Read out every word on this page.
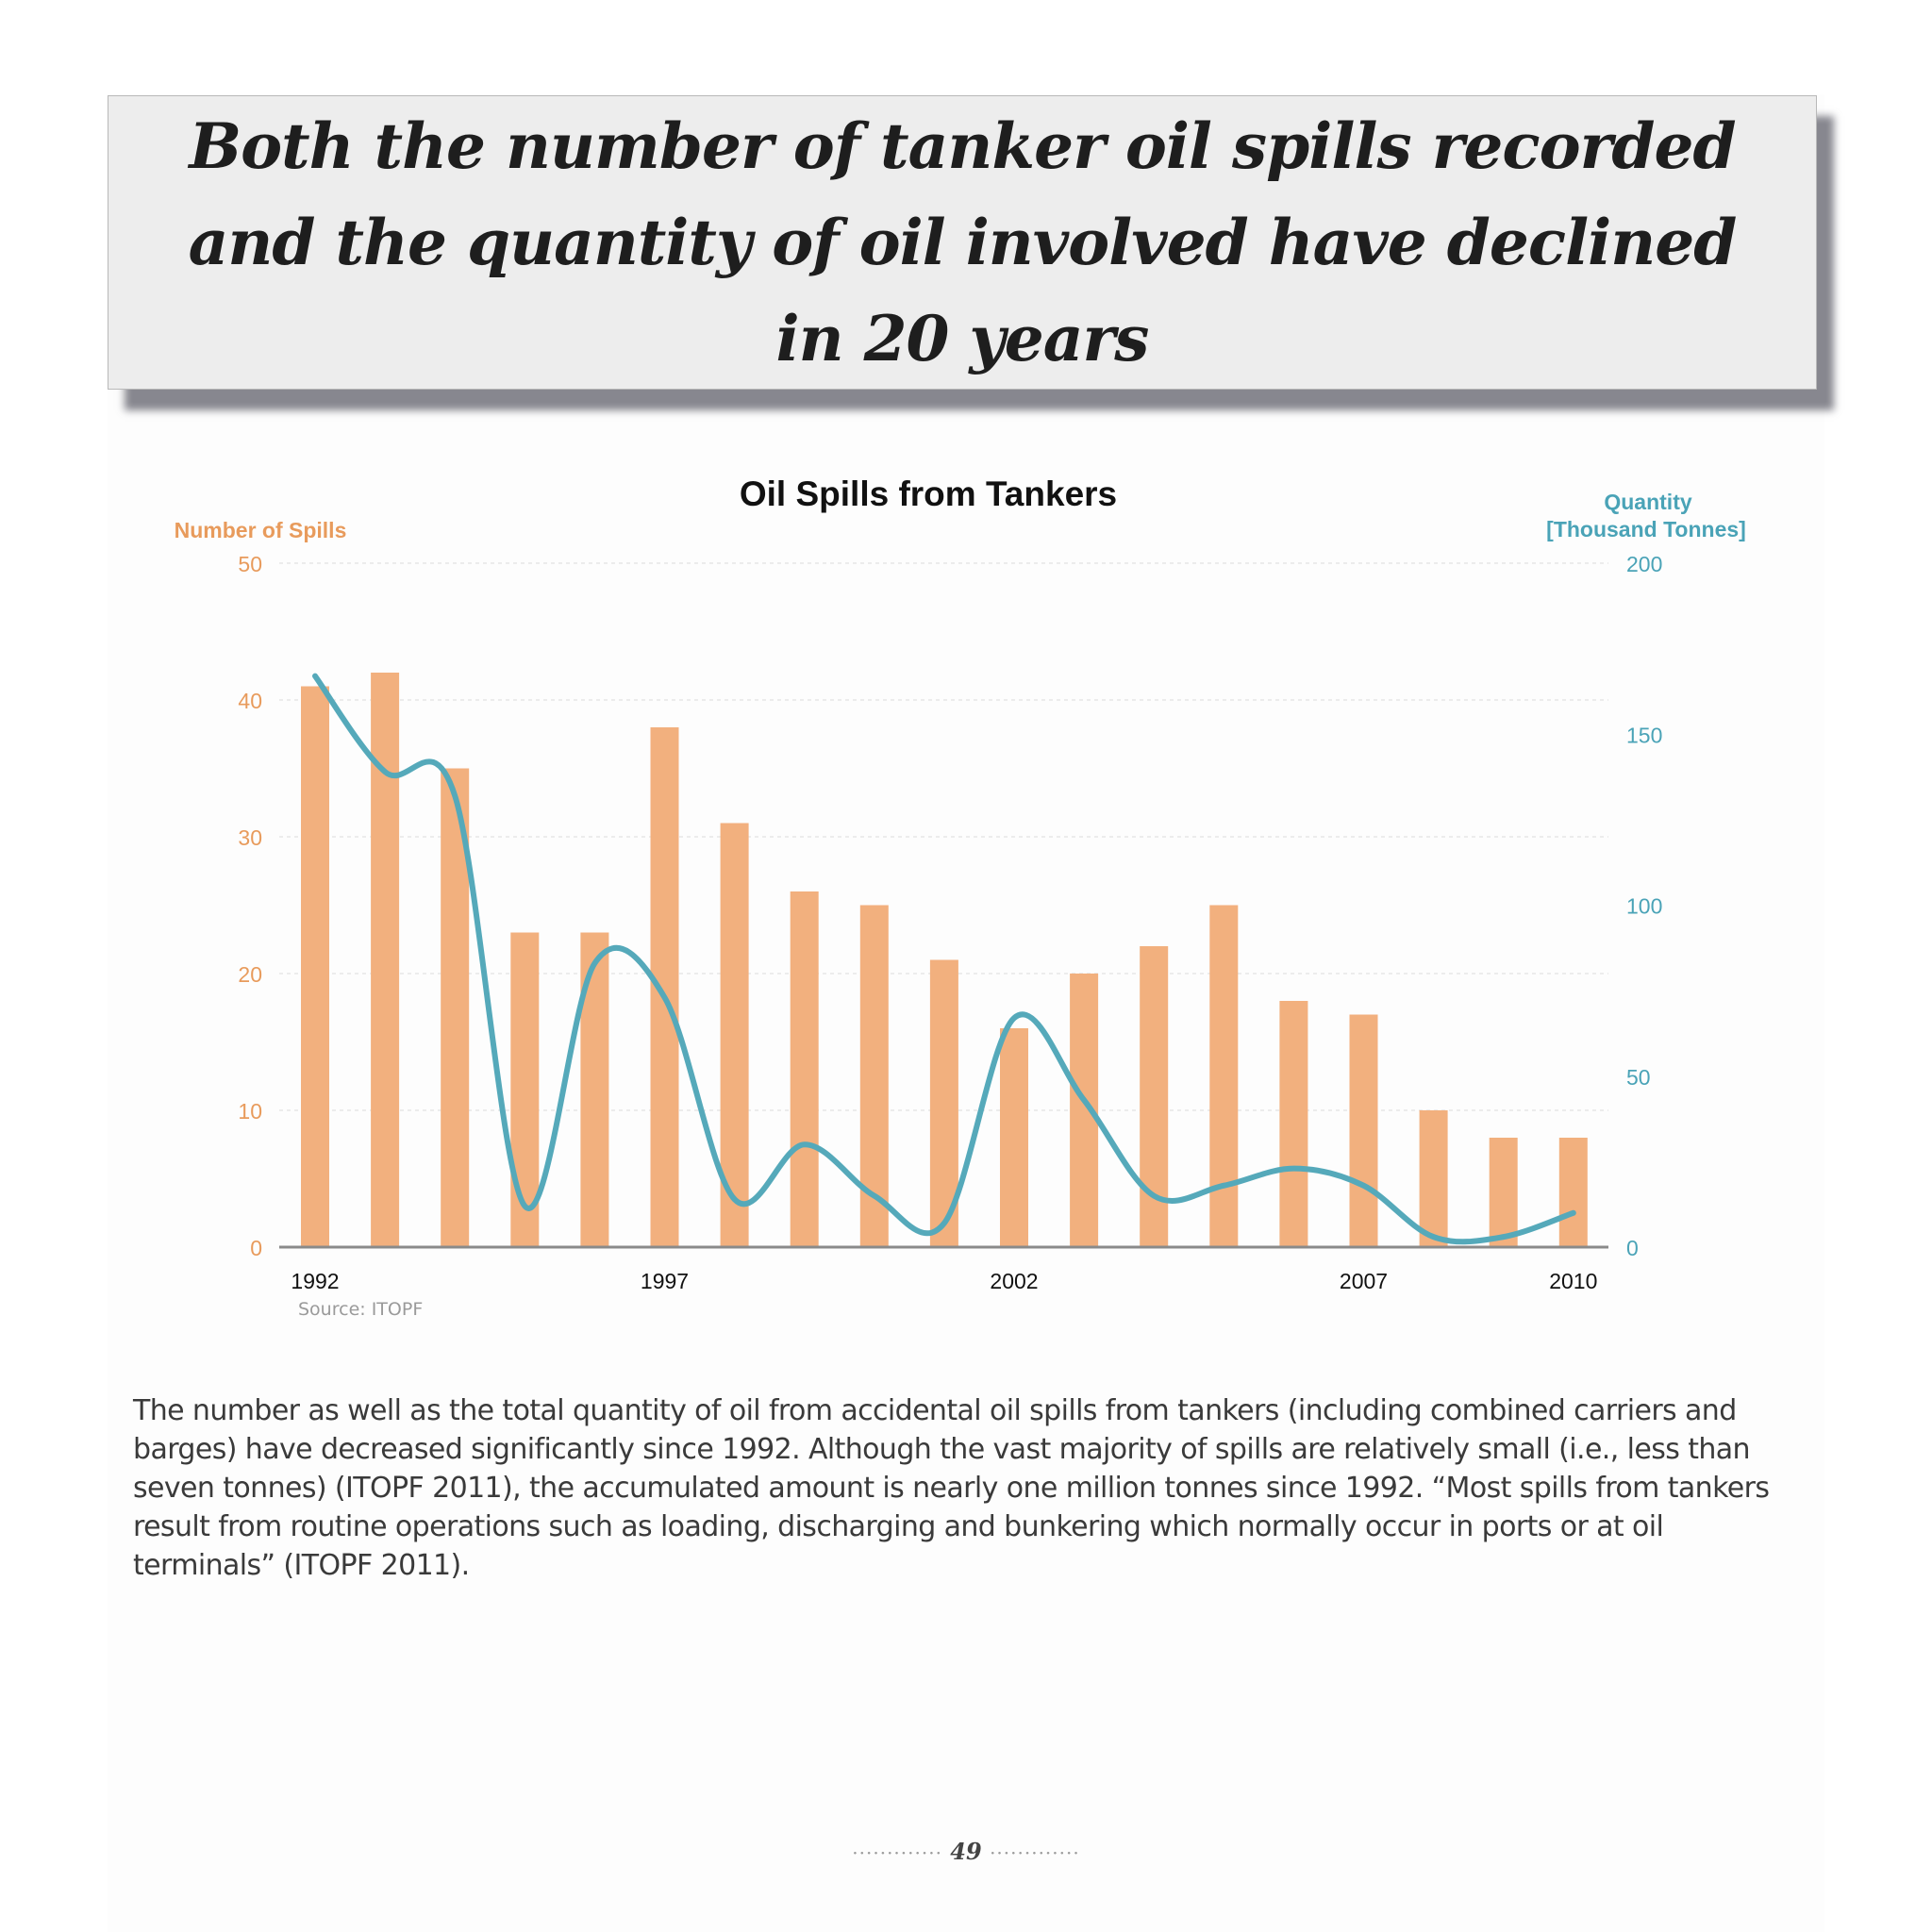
Both the number of tanker oil spills recorded and the quantity of oil involved have declined in 20 years
0
10
20
30
40
50
0
50
100
150
200
1992	1997	2002	2007	2010
Oil Spills from Tankers
Number of Spills
Quantity
[Thousand Tonnes]
Source: ITOPF

The number as well as the total quantity of oil from accidental oil spills from tankers (including combined carriers and barges) have decreased significantly since 1992. Although the vast majority of spills are relatively small (i.e., less than seven tonnes) (ITOPF 2011), the accumulated amount is nearly one million tonnes since 1992. “Most spills from tankers result from routine operations such as loading, discharging and bunkering which normally occur in ports or at oil terminals” (ITOPF 2011).

············· 49 ·············
